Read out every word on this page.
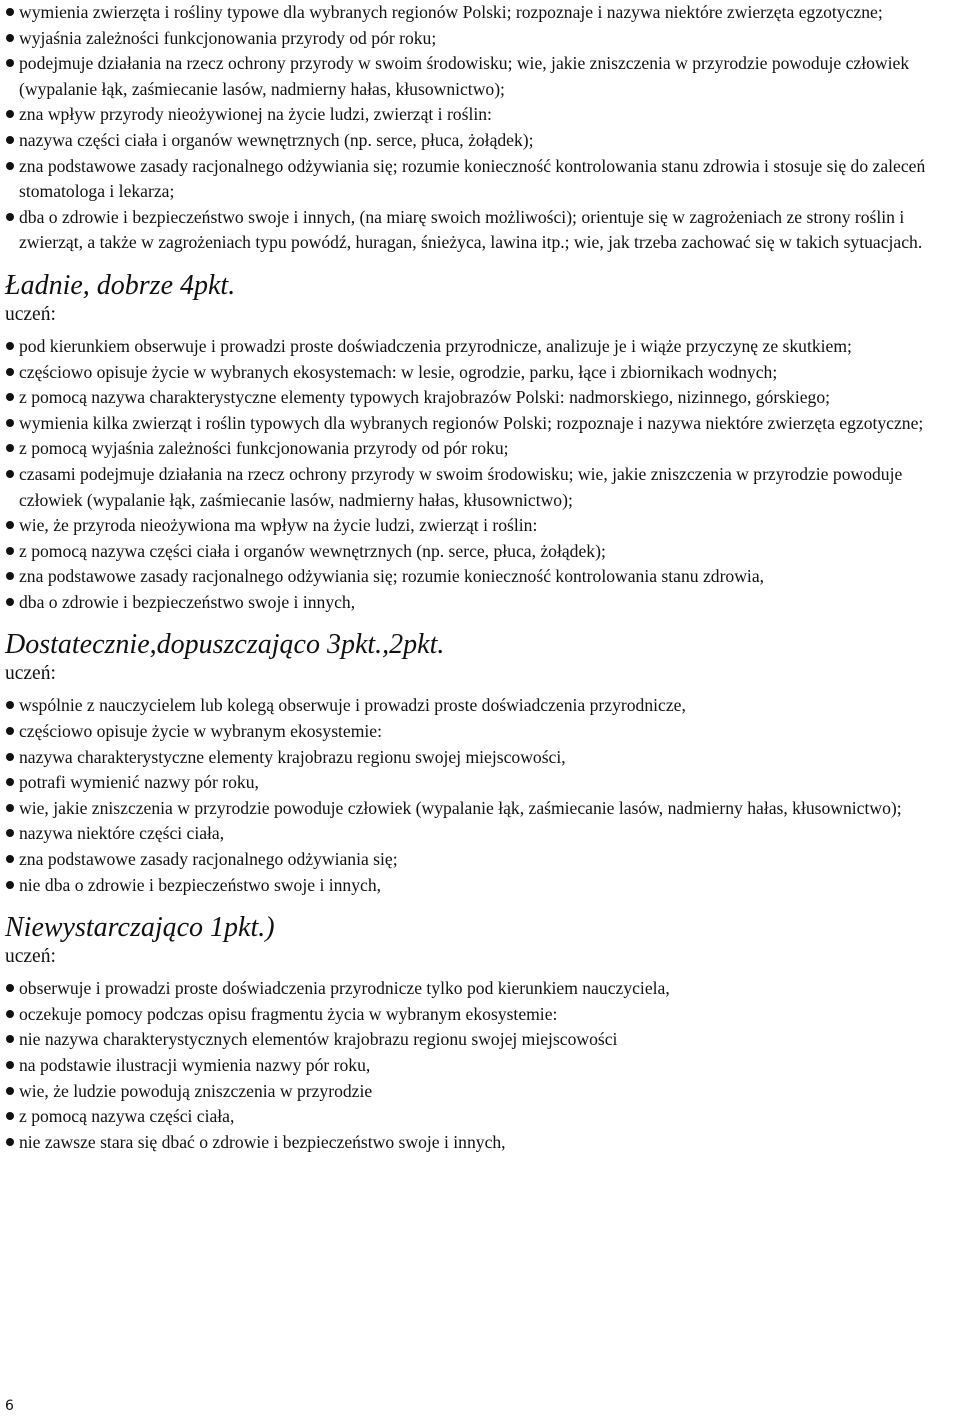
wymienia zwierzęta i rośliny typowe dla wybranych regionów Polski; rozpoznaje i nazywa niektóre zwierzęta egzotyczne;
wyjaśnia zależności funkcjonowania przyrody od pór roku;
podejmuje działania na rzecz ochrony przyrody w swoim środowisku; wie, jakie zniszczenia w przyrodzie powoduje człowiek (wypalanie łąk, zaśmiecanie lasów, nadmierny hałas, kłusownictwo);
zna wpływ przyrody nieożywionej na życie ludzi, zwierząt i roślin:
nazywa części ciała i organów wewnętrznych (np. serce, płuca, żołądek);
zna podstawowe zasady racjonalnego odżywiania się; rozumie konieczność kontrolowania stanu zdrowia i stosuje się do zaleceń stomatologa i lekarza;
dba o zdrowie i bezpieczeństwo swoje i innych, (na miarę swoich możliwości); orientuje się w zagrożeniach ze strony roślin i zwierząt, a także w zagrożeniach typu powódź, huragan, śnieżyca, lawina itp.; wie, jak trzeba zachować się w takich sytuacjach.
Ładnie, dobrze 4pkt.

uczeń:

pod kierunkiem obserwuje i prowadzi proste doświadczenia przyrodnicze, analizuje je i wiąże przyczynę ze skutkiem;
częściowo opisuje życie w wybranych ekosystemach: w lesie, ogrodzie, parku, łące i zbiornikach wodnych;
z pomocą nazywa charakterystyczne elementy typowych krajobrazów Polski: nadmorskiego, nizinnego, górskiego;
wymienia kilka zwierząt i roślin typowych dla wybranych regionów Polski; rozpoznaje i nazywa niektóre zwierzęta egzotyczne;
z pomocą wyjaśnia zależności funkcjonowania przyrody od pór roku;
czasami podejmuje działania na rzecz ochrony przyrody w swoim środowisku; wie, jakie zniszczenia w przyrodzie powoduje człowiek (wypalanie łąk, zaśmiecanie lasów, nadmierny hałas, kłusownictwo);
wie, że przyroda nieożywiona ma wpływ na życie ludzi, zwierząt i roślin:
z pomocą nazywa części ciała i organów wewnętrznych (np. serce, płuca, żołądek);
zna podstawowe zasady racjonalnego odżywiania się; rozumie konieczność kontrolowania stanu zdrowia,
dba o zdrowie i bezpieczeństwo swoje i innych,
Dostatecznie,dopuszczająco 3pkt.,2pkt.

uczeń:

wspólnie z nauczycielem lub kolegą obserwuje i prowadzi proste doświadczenia przyrodnicze,
częściowo opisuje życie w wybranym ekosystemie:
nazywa charakterystyczne elementy krajobrazu regionu swojej miejscowości,
potrafi wymienić nazwy pór roku,
wie, jakie zniszczenia w przyrodzie powoduje człowiek (wypalanie łąk, zaśmiecanie lasów, nadmierny hałas, kłusownictwo);
nazywa niektóre części ciała,
zna podstawowe zasady racjonalnego odżywiania się;
nie dba o zdrowie i bezpieczeństwo swoje i innych,
Niewystarczająco 1pkt.)

uczeń:

obserwuje i prowadzi proste doświadczenia przyrodnicze tylko pod kierunkiem nauczyciela,
oczekuje pomocy podczas opisu fragmentu życia w wybranym ekosystemie:
nie nazywa charakterystycznych elementów krajobrazu regionu swojej miejscowości
na podstawie ilustracji wymienia nazwy pór roku,
wie, że ludzie powodują zniszczenia w przyrodzie
z pomocą nazywa części ciała,
nie zawsze stara się dbać o zdrowie i bezpieczeństwo swoje i innych,
6
